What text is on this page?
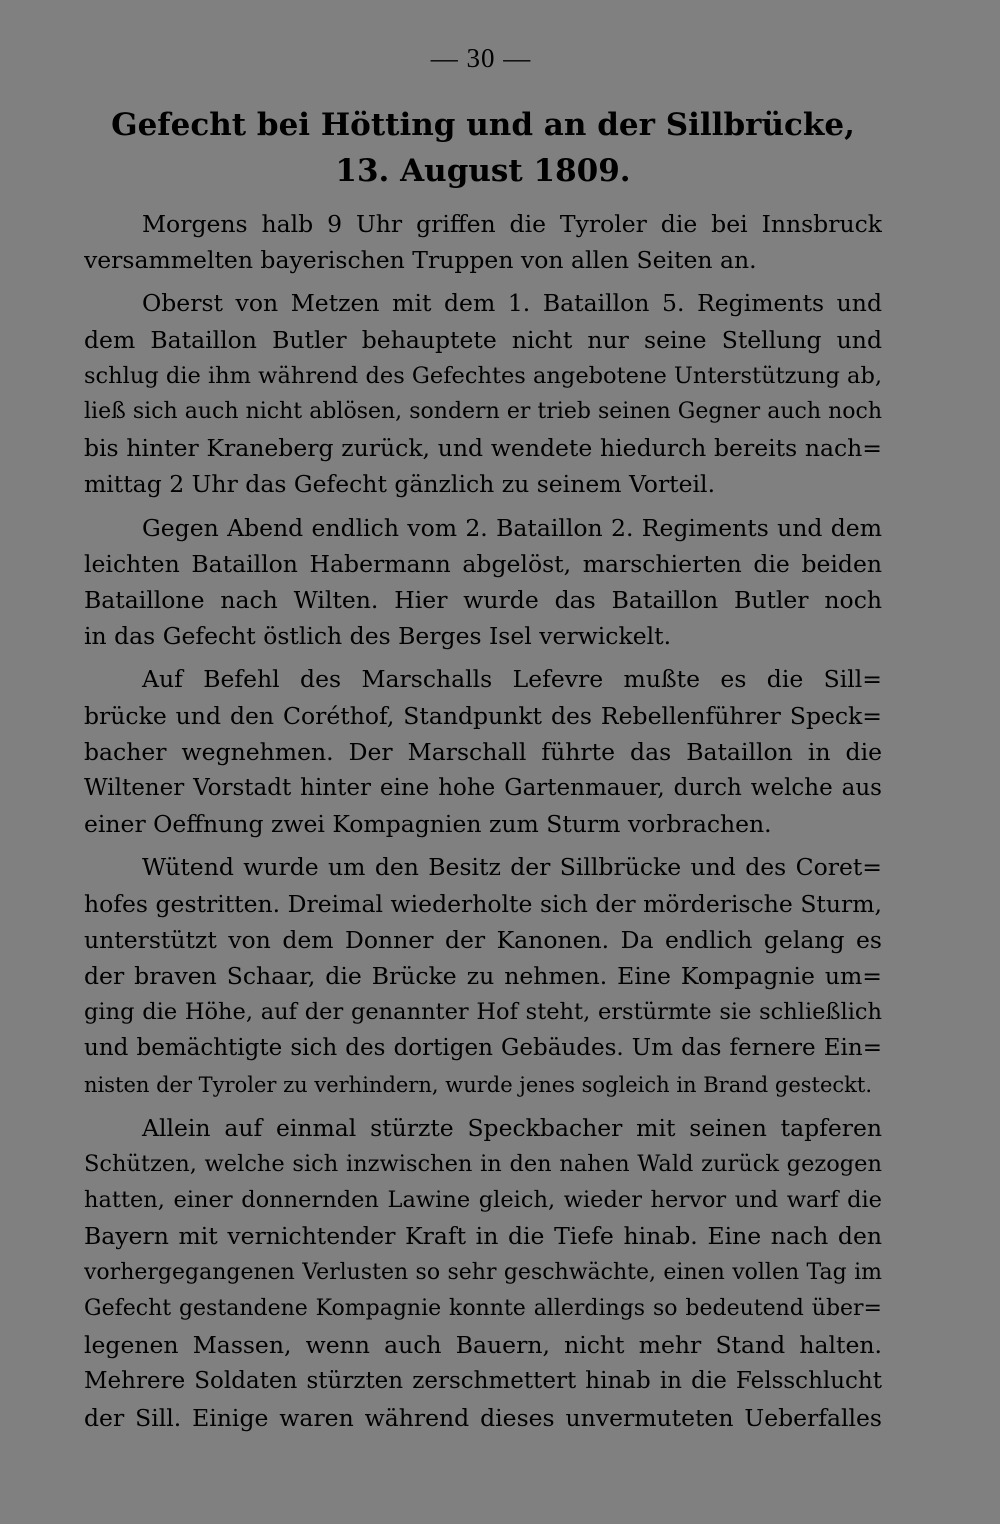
— 30 —
Gefecht bei Hötting und an der Sillbrücke,
13. August 1809.

Morgens halb 9 Uhr griffen die Tyroler die bei Innsbruck
versammelten bayerischen Truppen von allen Seiten an.

Oberst von Metzen mit dem 1. Bataillon 5. Regiments und
dem Bataillon Butler behauptete nicht nur seine Stellung und
schlug die ihm während des Gefechtes angebotene Unterstützung ab,
ließ sich auch nicht ablösen, sondern er trieb seinen Gegner auch noch
bis hinter Kraneberg zurück, und wendete hiedurch bereits nach=
mittag 2 Uhr das Gefecht gänzlich zu seinem Vorteil.

Gegen Abend endlich vom 2. Bataillon 2. Regiments und dem
leichten Bataillon Habermann abgelöst, marschierten die beiden
Bataillone nach Wilten. Hier wurde das Bataillon Butler noch
in das Gefecht östlich des Berges Isel verwickelt.

Auf Befehl des Marschalls Lefevre mußte es die Sill=
brücke und den Coréthof, Standpunkt des Rebellenführer Speck=
bacher wegnehmen. Der Marschall führte das Bataillon in die
Wiltener Vorstadt hinter eine hohe Gartenmauer, durch welche aus
einer Oeffnung zwei Kompagnien zum Sturm vorbrachen.

Wütend wurde um den Besitz der Sillbrücke und des Coret=
hofes gestritten. Dreimal wiederholte sich der mörderische Sturm,
unterstützt von dem Donner der Kanonen. Da endlich gelang es
der braven Schaar, die Brücke zu nehmen. Eine Kompagnie um=
ging die Höhe, auf der genannter Hof steht, erstürmte sie schließlich
und bemächtigte sich des dortigen Gebäudes. Um das fernere Ein=
nisten der Tyroler zu verhindern, wurde jenes sogleich in Brand gesteckt.

Allein auf einmal stürzte Speckbacher mit seinen tapferen
Schützen, welche sich inzwischen in den nahen Wald zurück gezogen
hatten, einer donnernden Lawine gleich, wieder hervor und warf die
Bayern mit vernichtender Kraft in die Tiefe hinab. Eine nach den
vorhergegangenen Verlusten so sehr geschwächte, einen vollen Tag im
Gefecht gestandene Kompagnie konnte allerdings so bedeutend über=
legenen Massen, wenn auch Bauern, nicht mehr Stand halten.
Mehrere Soldaten stürzten zerschmettert hinab in die Felsschlucht
der Sill. Einige waren während dieses unvermuteten Ueberfalles
